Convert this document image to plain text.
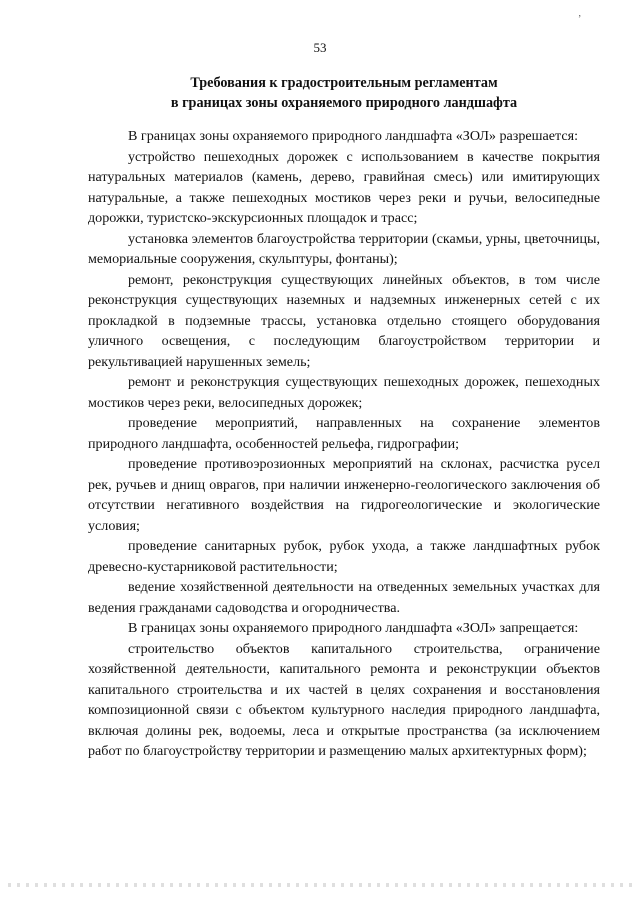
ʼ
53
Требования к градостроительным регламентам
в границах зоны охраняемого природного ландшафта

В границах зоны охраняемого природного ландшафта «ЗОЛ» разрешается:

устройство пешеходных дорожек с использованием в качестве покрытия натуральных материалов (камень, дерево, гравийная смесь) или имитирующих натуральные, а также пешеходных мостиков через реки и ручьи, велосипедные дорожки, туристско-экскурсионных площадок и трасс;

установка элементов благоустройства территории (скамьи, урны, цветочницы, мемориальные сооружения, скульптуры, фонтаны);

ремонт, реконструкция существующих линейных объектов, в том числе реконструкция существующих наземных и надземных инженерных сетей с их прокладкой в подземные трассы, установка отдельно стоящего оборудования уличного освещения, с последующим благоустройством территории и рекультивацией нарушенных земель;

ремонт и реконструкция существующих пешеходных дорожек, пешеходных мостиков через реки, велосипедных дорожек;

проведение мероприятий, направленных на сохранение элементов природного ландшафта, особенностей рельефа, гидрографии;

проведение противоэрозионных мероприятий на склонах, расчистка русел рек, ручьев и днищ оврагов, при наличии инженерно-геологического заключения об отсутствии негативного воздействия на гидрогеологические и экологические условия;

проведение санитарных рубок, рубок ухода, а также ландшафтных рубок древесно-кустарниковой растительности;

ведение хозяйственной деятельности на отведенных земельных участках для ведения гражданами садоводства и огородничества.

В границах зоны охраняемого природного ландшафта «ЗОЛ» запрещается:

строительство объектов капитального строительства, ограничение хозяйственной деятельности, капитального ремонта и реконструкции объектов капитального строительства и их частей в целях сохранения и восстановления композиционной связи с объектом культурного наследия природного ландшафта, включая долины рек, водоемы, леса и открытые пространства (за исключением работ по благоустройству территории и размещению малых архитектурных форм);
